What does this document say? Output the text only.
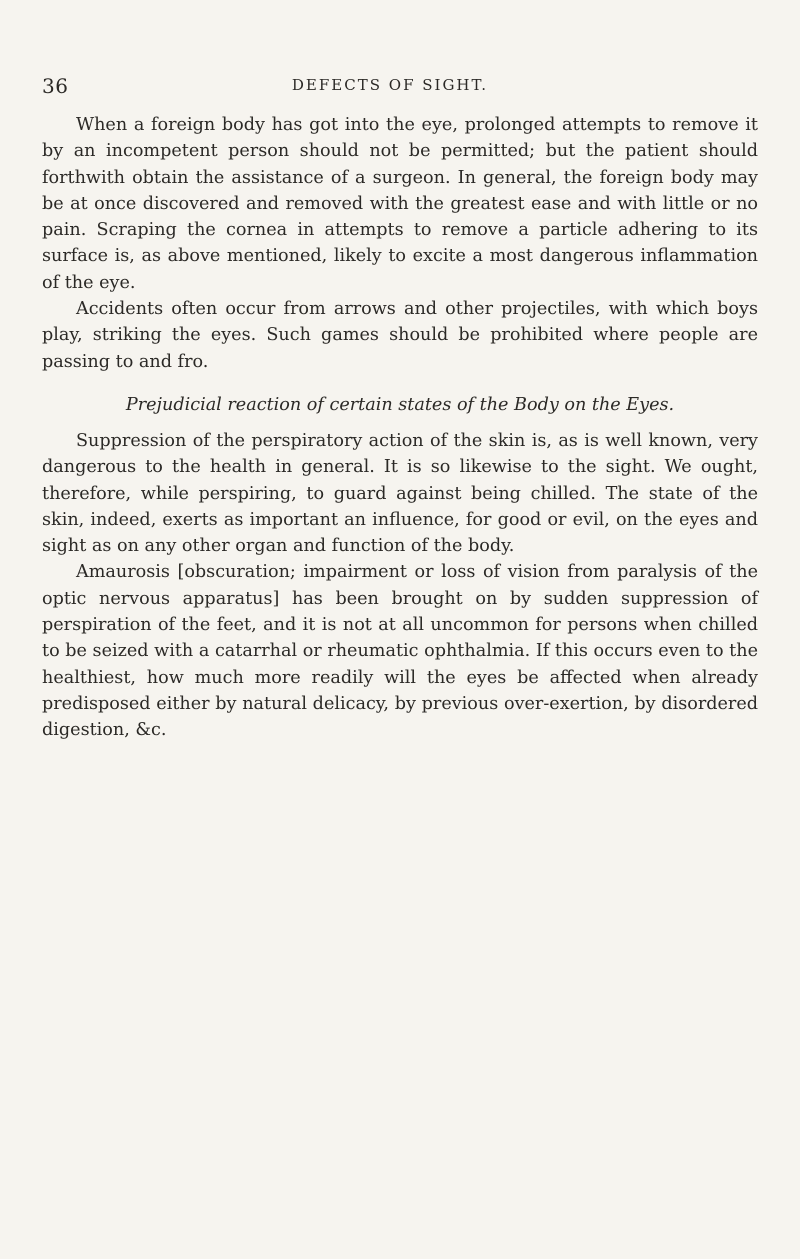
36	DEFECTS OF SIGHT.

When a foreign body has got into the eye, prolonged attempts to remove it by an incompetent person should not be permitted; but the patient should forthwith obtain the assistance of a surgeon. In general, the foreign body may be at once discovered and removed with the greatest ease and with little or no pain. Scraping the cornea in attempts to remove a particle adhering to its surface is, as above mentioned, likely to excite a most dangerous inflammation of the eye.

Accidents often occur from arrows and other projectiles, with which boys play, striking the eyes. Such games should be prohibited where people are passing to and fro.

Prejudicial reaction of certain states of the Body on the Eyes.

Suppression of the perspiratory action of the skin is, as is well known, very dangerous to the health in general. It is so likewise to the sight. We ought, therefore, while perspiring, to guard against being chilled. The state of the skin, indeed, exerts as important an influence, for good or evil, on the eyes and sight as on any other organ and function of the body.

Amaurosis [obscuration; impairment or loss of vision from paralysis of the optic nervous apparatus] has been brought on by sudden suppression of perspiration of the feet, and it is not at all uncommon for persons when chilled to be seized with a catarrhal or rheumatic ophthalmia. If this occurs even to the healthiest, how much more readily will the eyes be affected when already predisposed either by natural delicacy, by previous over-exertion, by disordered digestion, &c.
